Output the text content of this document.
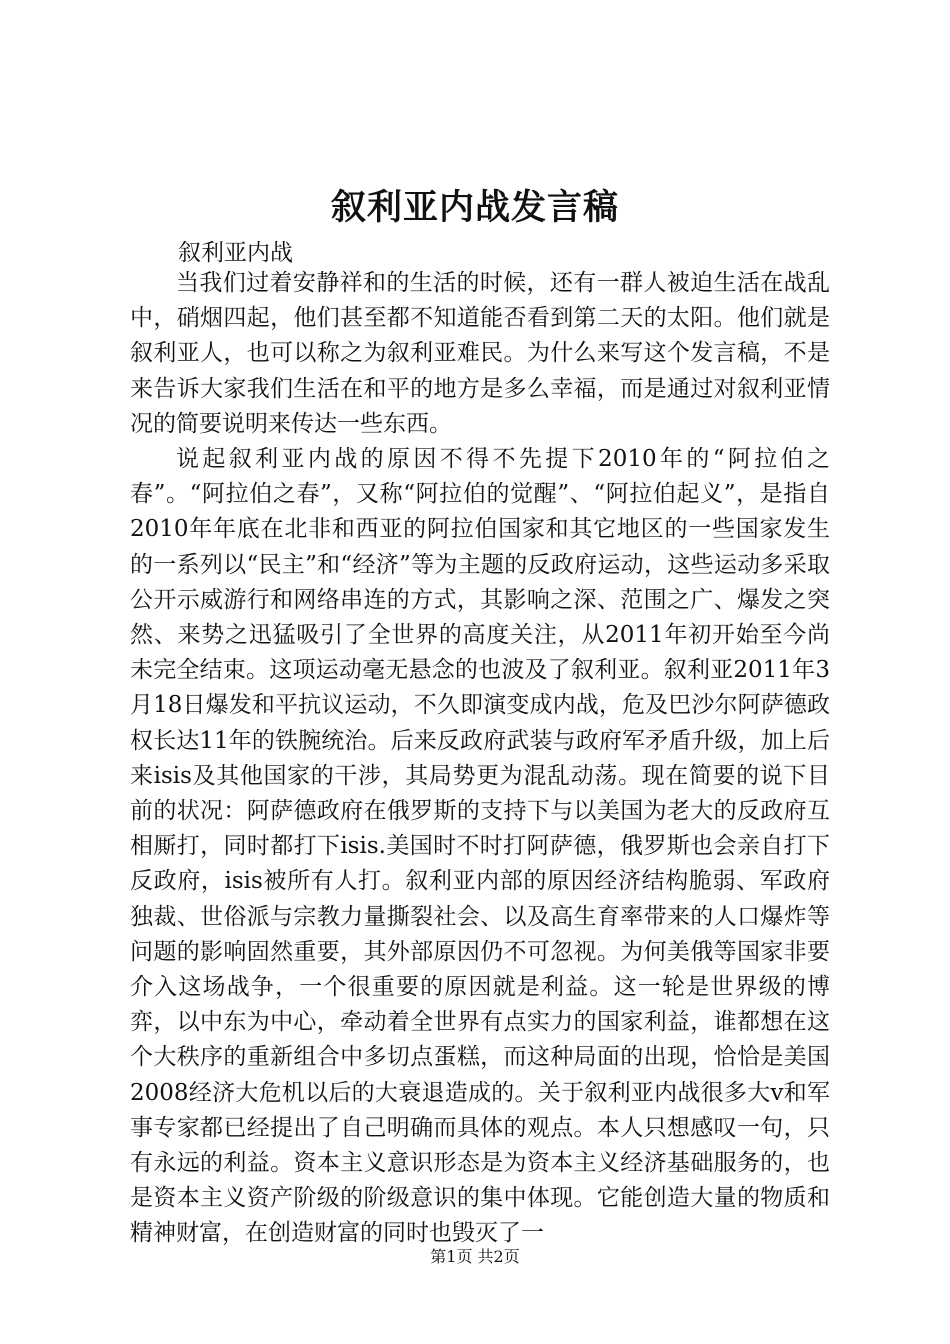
叙利亚内战发言稿
叙利亚内战

当我们过着安静祥和的生活的时候，还有一群人被迫生活在战乱中，硝烟四起，他们甚至都不知道能否看到第二天的太阳。他们就是叙利亚人，也可以称之为叙利亚难民。为什么来写这个发言稿，不是来告诉大家我们生活在和平的地方是多么幸福，而是通过对叙利亚情况的简要说明来传达一些东西。

说起叙利亚内战的原因不得不先提下2010年的“阿拉伯之春”。“阿拉伯之春”，又称“阿拉伯的觉醒”、“阿拉伯起义”，是指自2010年年底在北非和西亚的阿拉伯国家和其它地区的一些国家发生的一系列以“民主”和“经济”等为主题的反政府运动，这些运动多采取公开示威游行和网络串连的方式，其影响之深、范围之广、爆发之突然、来势之迅猛吸引了全世界的高度关注，从2011年初开始至今尚未完全结束。这项运动毫无悬念的也波及了叙利亚。叙利亚2011年3月18日爆发和平抗议运动，不久即演变成内战，危及巴沙尔阿萨德政权长达11年的铁腕统治。后来反政府武装与政府军矛盾升级，加上后来isis及其他国家的干涉，其局势更为混乱动荡。现在简要的说下目前的状况：阿萨德政府在俄罗斯的支持下与以美国为老大的反政府互相厮打，同时都打下isis.美国时不时打阿萨德，俄罗斯也会亲自打下反政府，isis被所有人打。叙利亚内部的原因经济结构脆弱、军政府独裁、世俗派与宗教力量撕裂社会、以及高生育率带来的人口爆炸等问题的影响固然重要，其外部原因仍不可忽视。为何美俄等国家非要介入这场战争，一个很重要的原因就是利益。这一轮是世界级的博弈，以中东为中心，牵动着全世界有点实力的国家利益，谁都想在这个大秩序的重新组合中多切点蛋糕，而这种局面的出现，恰恰是美国2008经济大危机以后的大衰退造成的。关于叙利亚内战很多大v和军事专家都已经提出了自己明确而具体的观点。本人只想感叹一句，只有永远的利益。资本主义意识形态是为资本主义经济基础服务的，也是资本主义资产阶级的阶级意识的集中体现。它能创造大量的物质和精神财富，在创造财富的同时也毁灭了一

第1页 共2页
